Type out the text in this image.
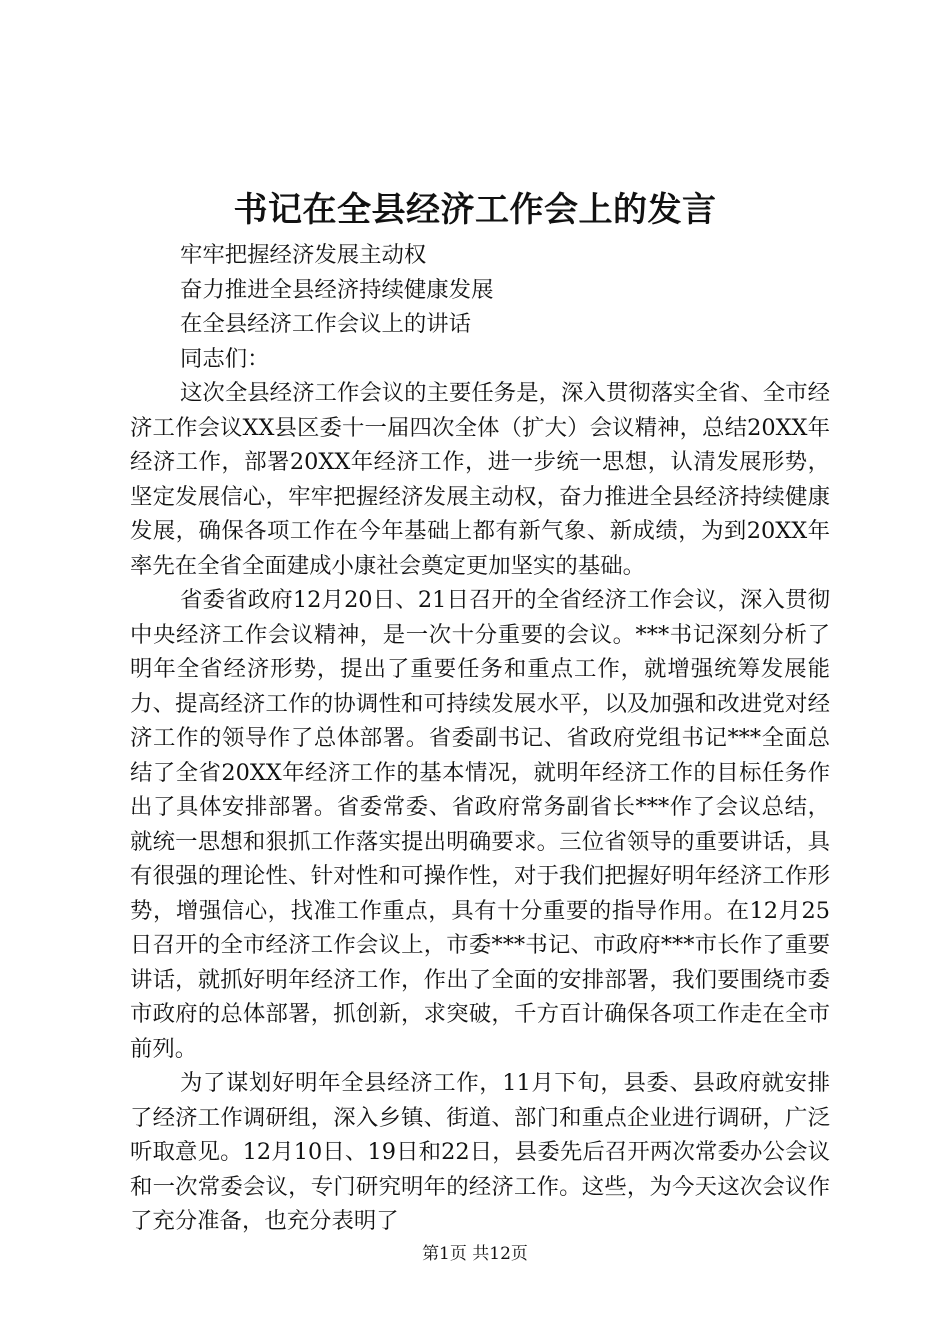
书记在全县经济工作会上的发言

牢牢把握经济发展主动权

奋力推进全县经济持续健康发展

在全县经济工作会议上的讲话

同志们：

这次全县经济工作会议的主要任务是，深入贯彻落实全省、全市经济工作会议XX县区委十一届四次全体（扩大）会议精神，总结20XX年经济工作，部署20XX年经济工作，进一步统一思想，认清发展形势，坚定发展信心，牢牢把握经济发展主动权，奋力推进全县经济持续健康发展，确保各项工作在今年基础上都有新气象、新成绩，为到20XX年率先在全省全面建成小康社会奠定更加坚实的基础。

省委省政府12月20日、21日召开的全省经济工作会议，深入贯彻中央经济工作会议精神，是一次十分重要的会议。***书记深刻分析了明年全省经济形势，提出了重要任务和重点工作，就增强统筹发展能力、提高经济工作的协调性和可持续发展水平，以及加强和改进党对经济工作的领导作了总体部署。省委副书记、省政府党组书记***全面总结了全省20XX年经济工作的基本情况，就明年经济工作的目标任务作出了具体安排部署。省委常委、省政府常务副省长***作了会议总结，就统一思想和狠抓工作落实提出明确要求。三位省领导的重要讲话，具有很强的理论性、针对性和可操作性，对于我们把握好明年经济工作形势，增强信心，找准工作重点，具有十分重要的指导作用。在12月25日召开的全市经济工作会议上，市委***书记、市政府***市长作了重要讲话，就抓好明年经济工作，作出了全面的安排部署，我们要围绕市委市政府的总体部署，抓创新，求突破，千方百计确保各项工作走在全市前列。

为了谋划好明年全县经济工作，11月下旬，县委、县政府就安排了经济工作调研组，深入乡镇、街道、部门和重点企业进行调研，广泛听取意见。12月10日、19日和22日，县委先后召开两次常委办公会议和一次常委会议，专门研究明年的经济工作。这些，为今天这次会议作了充分准备，也充分表明了

第1页 共12页
